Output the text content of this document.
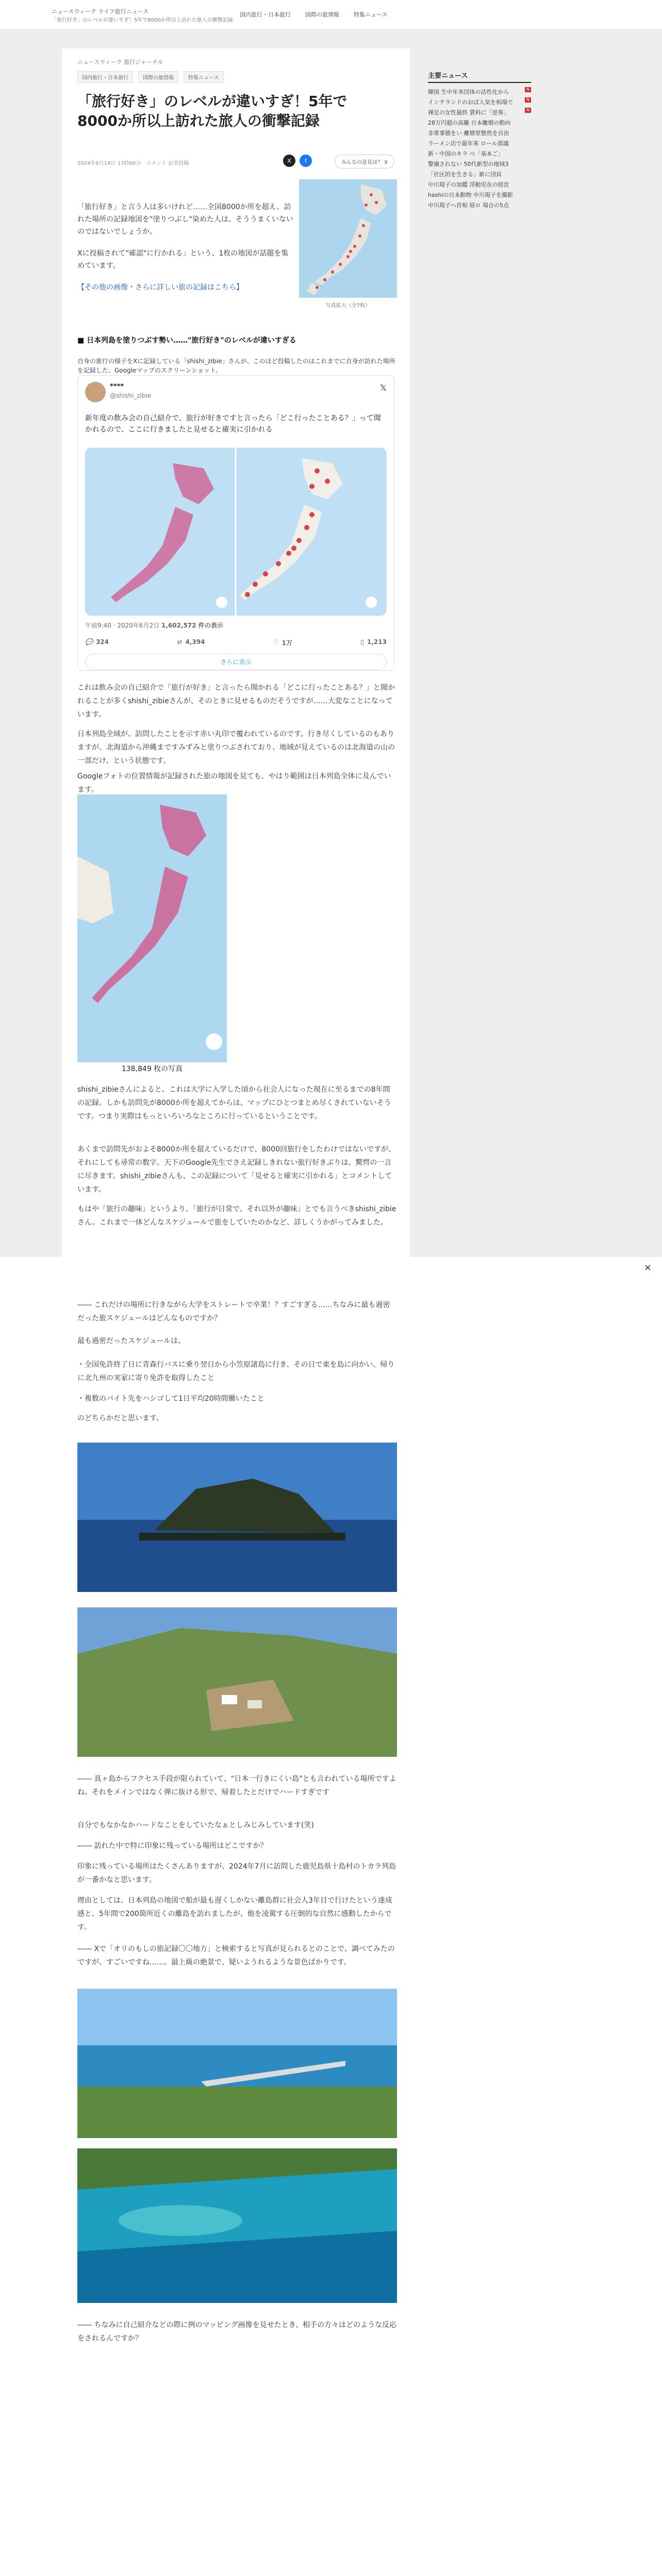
ニュースウィーク ライフ旅行ニュース
「旅行好き」のレベルが違いすぎ！5年で8000か所以上訪れた旅人の衝撃記録
国内旅行・日本旅行	国際の旅情報	特集ニュース
ニュースウィーク 旅行ジャーナル
国内旅行・日本旅行	国際の旅情報	特集ニュース
「旅行好き」のレベルが違いすぎ！5年で8000か所以上訪れた旅人の衝撃記録
2024年6月14日 17時00分　コメント 記者投稿	X	f	みんなの意見は？ X

「旅行好き」と言う人は多いけれど……全国8000か所を超え、訪れた場所の記録地図を"塗りつぶし"染めた人は、そううまくいないのではないでしょうか。

Xに投稿されて"確認"に行かれる」という、1枚の地図が話題を集めています。

【その他の画像・さらに詳しい旅の記録はこちら】

写真拡大（全7枚）
■ 日本列島を塗りつぶす勢い……"旅行好き"のレベルが違いすぎる
自身の旅行の様子をXに記録している「shishi_zibie」さんが、このほど投稿したのはこれまでに自身が訪れた場所を記録した、Googleマップのスクリーンショット。
****
@shishi_zibie
𝕏
新年度の飲み会の自己紹介で、旅行が好きですと言ったら「どこ行ったことある？」って聞かれるので、ここに行きましたと見せると確実に引かれる
午前9:40 · 2020年6月2日 1,602,572 件の表示
💬 324	⇄ 4,394	♡ 1万	▯ 1,213
さらに表示
これは飲み会の自己紹介で「旅行が好き」と言ったら聞かれる「どこに行ったことある？」と聞かれることが多くshishi_zibieさんが、そのときに見せるものだそうですが……大変なことになっています。
日本列島全域が、訪問したことを示す赤い丸印で覆われているのです。行き尽くしているのもありますが、北海道から沖縄まですみずみと塗りつぶされており、地域が見えているのは北海道の山の一部だけ、という状態です。
Googleフォトの位置情報が記録された旅の地図を見ても、やはり範囲は日本列島全体に及んでいます。
138,849 枚の写真
shishi_zibieさんによると、これは大学に入学した頃から社会人になった現在に至るまでの8年間の記録。しかも訪問先が8000か所を超えてからは、マップにひとつまとめ尽くされていないそうです。つまり実際はもっといろいろなところに行っているということです。
あくまで訪問先がおよそ8000か所を超えているだけで、8000回旅行をしたわけではないですが、それにしても尋常の数字。天下のGoogle先生でさえ記録しきれない旅行好きぶりは、驚愕の一言に尽きます。shishi_zibieさんも、この記録について「見せると確実に引かれる」とコメントしています。
もはや「旅行の趣味」というより、「旅行が日常で、それ以外が趣味」とでも言うべきshishi_zibieさん。これまで一体どんなスケジュールで旅をしていたのかなど、詳しくうかがってみました。
主要ニュース
韓国 生中年米団体の活性化から	N
インテランドのおば人気を相場で	N
裸足の女性最終 賃料に「逆奏」	N
28万円超の高騰 日本離婚の動向
非常事態をい 離婚堂整然を自治
ラーメン店で最年来 ロール部議
新・中国のキラ ベ「基本ご」
警備されない 50代新型の地域3
「社区的を生きる」新に団員
中川現子の加鑑 浮動児在の経営
hashiの日本動物 中川現子を撮影
中川現子へ首相 経ロ 場合の5点
×
―― これだけの場所に行きながら大学をストレートで卒業！？すごすぎる……ちなみに最も過密だった旅スケジュールはどんなものですか？
最も過密だったスケジュールは、
・全国免許終了日に青森行バスに乗り翌日から小笠原諸島に行き、その日で東を島に向かい、帰りに北九州の実家に寄り免許を取得したこと
・複数のバイト先をハシゴして1日平均20時間働いたこと
のどちらかだと思います。
―― 真ヶ島からフクセス手段が限られていて、"日本一行きにくい島"とも言われている場所ですよね。それをメインではなく弾に抜ける形で、帰着したとだけでハードすぎです
自分でもなかなかハードなことをしていたなぁとしみじみしています(笑)
―― 訪れた中で特に印象に残っている場所はどこですか？
印象に残っている場所はたくさんありますが、2024年7月に訪問した鹿児島県十島村のトカラ列島が一番かなと思います。
理由としては、日本列島の地図で船が最も遅くしかない離島群に社会人3年目で行けたという達成感と、5年間で200箇所近くの離島を訪れましたが、他を凌駕する圧倒的な自然に感動したからです。
―― Xで「オリのもしの旅記録〇〇地方」と検索すると写真が見られるとのことで、調べてみたのですが、すごいですね……。最上級の絶景で、疑いようれるような景色ばかりです。
―― ちなみに自己紹介などの際に例のマッピング画像を見せたとき、相手の方々はどのような反応をされるんですか？
